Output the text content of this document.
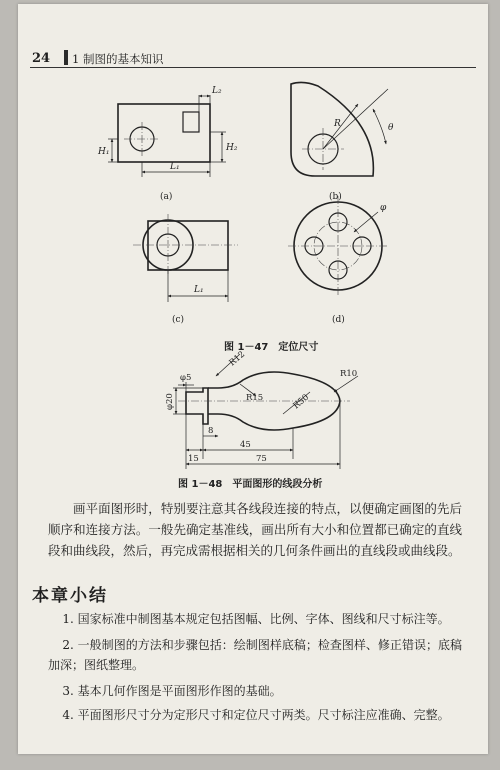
24 1 制图的基本知识
L₂
H₁	H₂
L₁
(a)
R	θ
(b)
L₁
(c)
φ
(d)
图 1－47　定位尺寸
φ5
R12
R15	R50
R10
φ20
8
45
15	75
图 1－48　平面图形的线段分析
画平面图形时，特别要注意其各线段连接的特点，以便确定画图的先后顺序和连接方法。一般先确定基准线，画出所有大小和位置都已确定的直线段和曲线段，然后，再完成需根据相关的几何条件画出的直线段或曲线段。
本章小结
1. 国家标准中制图基本规定包括图幅、比例、字体、图线和尺寸标注等。
2. 一般制图的方法和步骤包括：绘制图样底稿；检查图样、修正错误；底稿加深；图纸整理。
3. 基本几何作图是平面图形作图的基础。
4. 平面图形尺寸分为定形尺寸和定位尺寸两类。尺寸标注应准确、完整。
